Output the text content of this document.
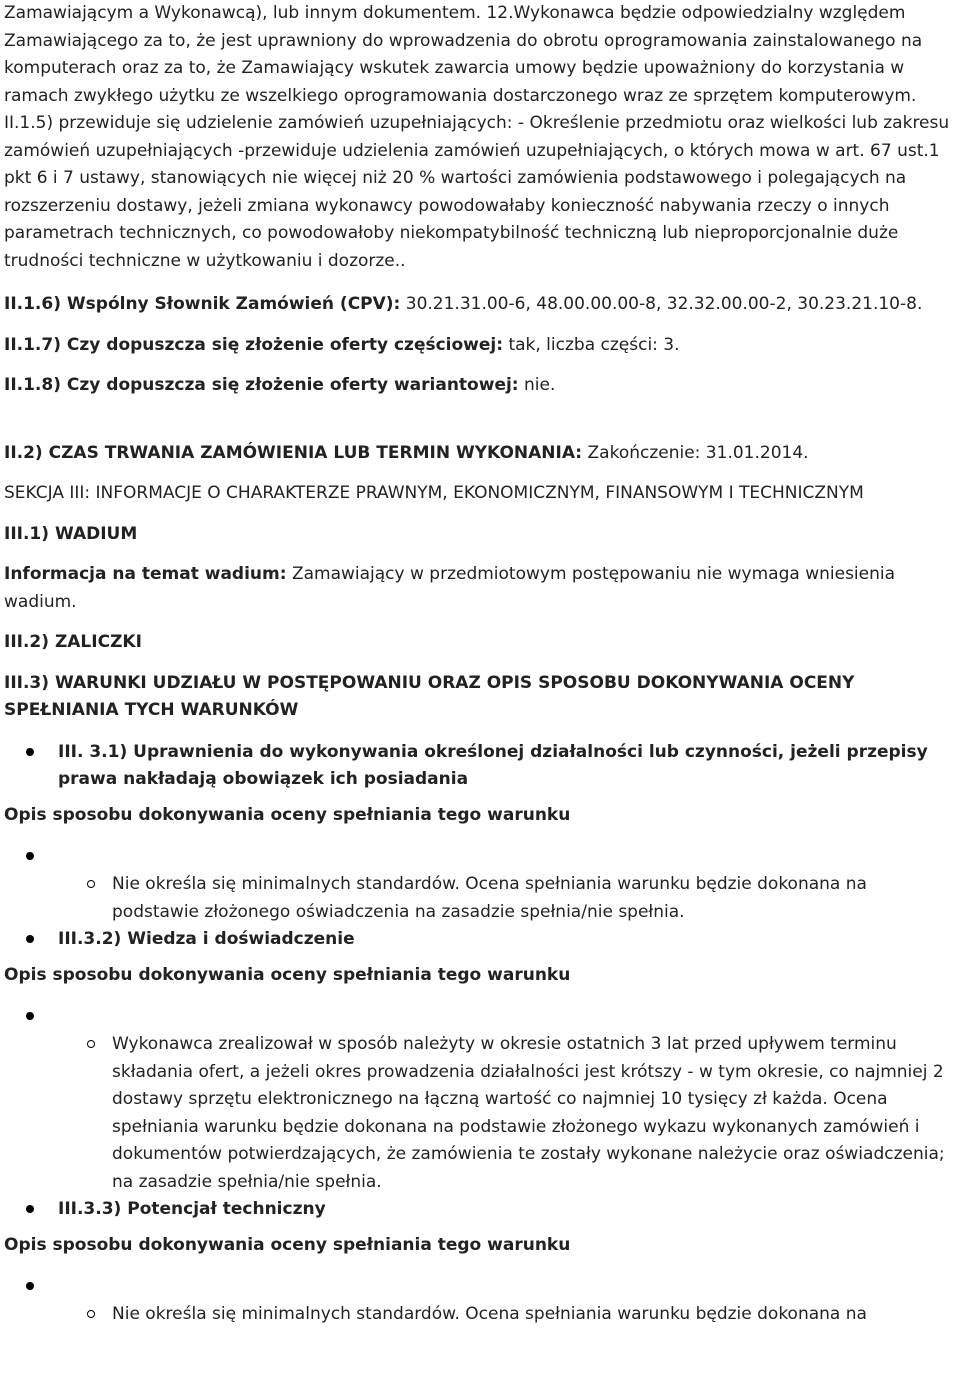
Zamawiającym a Wykonawcą), lub innym dokumentem. 12.Wykonawca będzie odpowiedzialny względem Zamawiającego za to, że jest uprawniony do wprowadzenia do obrotu oprogramowania zainstalowanego na komputerach oraz za to, że Zamawiający wskutek zawarcia umowy będzie upoważniony do korzystania w ramach zwykłego użytku ze wszelkiego oprogramowania dostarczonego wraz ze sprzętem komputerowym. II.1.5) przewiduje się udzielenie zamówień uzupełniających: - Określenie przedmiotu oraz wielkości lub zakresu zamówień uzupełniających -przewiduje udzielenia zamówień uzupełniających, o których mowa w art. 67 ust.1 pkt 6 i 7 ustawy, stanowiących nie więcej niż 20 % wartości zamówienia podstawowego i polegających na rozszerzeniu dostawy, jeżeli zmiana wykonawcy powodowałaby konieczność nabywania rzeczy o innych parametrach technicznych, co powodowałoby niekompatybilność techniczną lub nieproporcjonalnie duże trudności techniczne w użytkowaniu i dozorze..

II.1.6) Wspólny Słownik Zamówień (CPV): 30.21.31.00-6, 48.00.00.00-8, 32.32.00.00-2, 30.23.21.10-8.

II.1.7) Czy dopuszcza się złożenie oferty częściowej: tak, liczba części: 3.

II.1.8) Czy dopuszcza się złożenie oferty wariantowej: nie.

II.2) CZAS TRWANIA ZAMÓWIENIA LUB TERMIN WYKONANIA: Zakończenie: 31.01.2014.

SEKCJA III: INFORMACJE O CHARAKTERZE PRAWNYM, EKONOMICZNYM, FINANSOWYM I TECHNICZNYM

III.1) WADIUM

Informacja na temat wadium: Zamawiający w przedmiotowym postępowaniu nie wymaga wniesienia wadium.

III.2) ZALICZKI

III.3) WARUNKI UDZIAŁU W POSTĘPOWANIU ORAZ OPIS SPOSOBU DOKONYWANIA OCENY SPEŁNIANIA TYCH WARUNKÓW

III. 3.1) Uprawnienia do wykonywania określonej działalności lub czynności, jeżeli przepisy prawa nakładają obowiązek ich posiadania

Opis sposobu dokonywania oceny spełniania tego warunku

Nie określa się minimalnych standardów. Ocena spełniania warunku będzie dokonana na podstawie złożonego oświadczenia na zasadzie spełnia/nie spełnia.
III.3.2) Wiedza i doświadczenie

Opis sposobu dokonywania oceny spełniania tego warunku

Wykonawca zrealizował w sposób należyty w okresie ostatnich 3 lat przed upływem terminu składania ofert, a jeżeli okres prowadzenia działalności jest krótszy - w tym okresie, co najmniej 2 dostawy sprzętu elektronicznego na łączną wartość co najmniej 10 tysięcy zł każda. Ocena spełniania warunku będzie dokonana na podstawie złożonego wykazu wykonanych zamówień i dokumentów potwierdzających, że zamówienia te zostały wykonane należycie oraz oświadczenia; na zasadzie spełnia/nie spełnia.
III.3.3) Potencjał techniczny

Opis sposobu dokonywania oceny spełniania tego warunku

Nie określa się minimalnych standardów. Ocena spełniania warunku będzie dokonana na
